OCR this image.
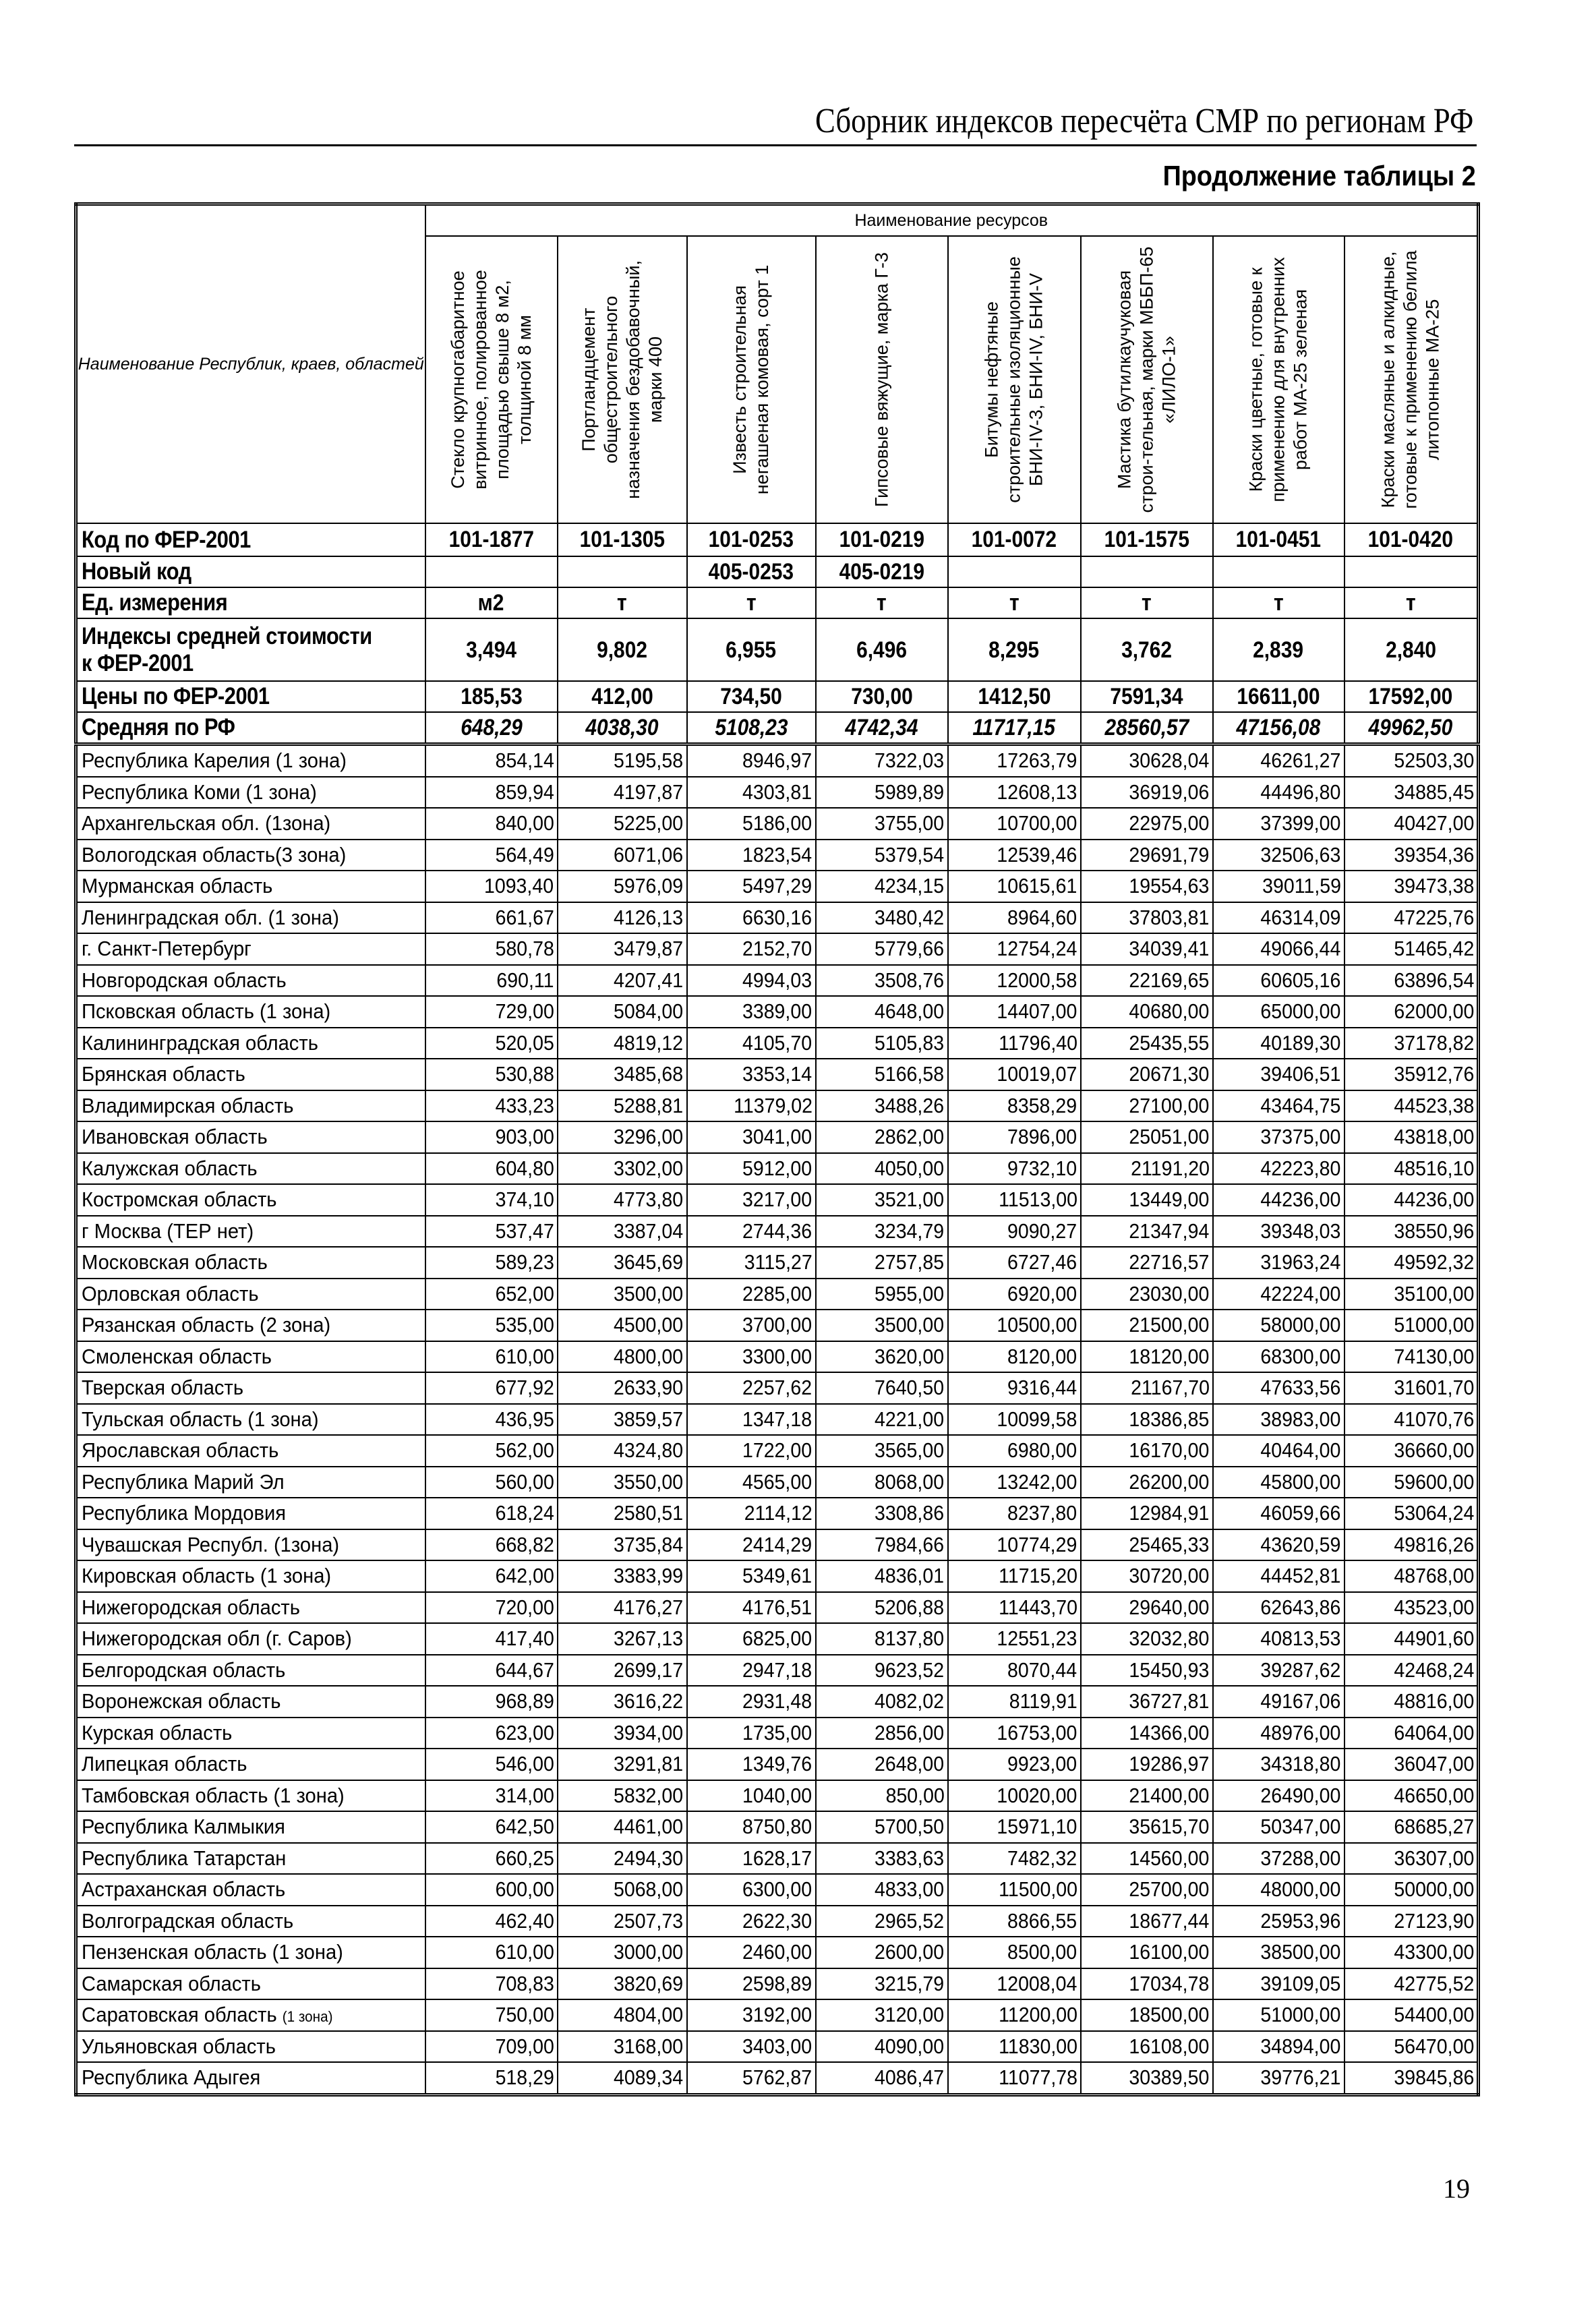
Сборник индексов пересчёта СМР по регионам РФ
Продолжение таблицы 2
Наименование Республик, краев, областей	Наименование ресурсов							

	Стекло крупногабаритное витринное, полированное площадью свыше 8 м2, толщиной 8 мм	Портландцемент общестроительного назначения бездобавочный, марки 400	Известь строительная негашеная комовая, сорт 1	Гипсовые вяжущие, марка Г-3	Битумы нефтяные строительные изоляционные БНИ-IV-3, БНИ-IV, БНИ-V	Мастика бутилкаучуковая строи-тельная, марки МББП-65 «ЛИЛО-1»	Краски цветные, готовые к применению для внутренних работ МА-25 зеленая	Краски масляные и алкидные, готовые к применению белила литопонные МА-25

Код по ФЕР-2001	101-1877	101-1305	101-0253	101-0219	101-0072	101-1575	101-0451	101-0420
Новый код			405-0253	405-0219				
Ед. измерения	м2	т	т	т	т	т	т	т
Индексы средней стоимости к ФЕР-2001	3,494	9,802	6,955	6,496	8,295	3,762	2,839	2,840
Цены по ФЕР-2001	185,53	412,00	734,50	730,00	1412,50	7591,34	16611,00	17592,00
Средняя по РФ	648,29	4038,30	5108,23	4742,34	11717,15	28560,57	47156,08	49962,50
Республика Карелия (1 зона)	854,14	5195,58	8946,97	7322,03	17263,79	30628,04	46261,27	52503,30
Республика Коми (1 зона)	859,94	4197,87	4303,81	5989,89	12608,13	36919,06	44496,80	34885,45
Архангельская обл. (1зона)	840,00	5225,00	5186,00	3755,00	10700,00	22975,00	37399,00	40427,00
Вологодская область(3 зона)	564,49	6071,06	1823,54	5379,54	12539,46	29691,79	32506,63	39354,36
Мурманская область	1093,40	5976,09	5497,29	4234,15	10615,61	19554,63	39011,59	39473,38
Ленинградская обл. (1 зона)	661,67	4126,13	6630,16	3480,42	8964,60	37803,81	46314,09	47225,76
г. Санкт-Петербург	580,78	3479,87	2152,70	5779,66	12754,24	34039,41	49066,44	51465,42
Новгородская область	690,11	4207,41	4994,03	3508,76	12000,58	22169,65	60605,16	63896,54
Псковская область (1 зона)	729,00	5084,00	3389,00	4648,00	14407,00	40680,00	65000,00	62000,00
Калининградская область	520,05	4819,12	4105,70	5105,83	11796,40	25435,55	40189,30	37178,82
Брянская область	530,88	3485,68	3353,14	5166,58	10019,07	20671,30	39406,51	35912,76
Владимирская область	433,23	5288,81	11379,02	3488,26	8358,29	27100,00	43464,75	44523,38
Ивановская область	903,00	3296,00	3041,00	2862,00	7896,00	25051,00	37375,00	43818,00
Калужская область	604,80	3302,00	5912,00	4050,00	9732,10	21191,20	42223,80	48516,10
Костромская область	374,10	4773,80	3217,00	3521,00	11513,00	13449,00	44236,00	44236,00
г Москва (ТЕР нет)	537,47	3387,04	2744,36	3234,79	9090,27	21347,94	39348,03	38550,96
Московская область	589,23	3645,69	3115,27	2757,85	6727,46	22716,57	31963,24	49592,32
Орловская область	652,00	3500,00	2285,00	5955,00	6920,00	23030,00	42224,00	35100,00
Рязанская область (2 зона)	535,00	4500,00	3700,00	3500,00	10500,00	21500,00	58000,00	51000,00
Смоленская область	610,00	4800,00	3300,00	3620,00	8120,00	18120,00	68300,00	74130,00
Тверская область	677,92	2633,90	2257,62	7640,50	9316,44	21167,70	47633,56	31601,70
Тульская область (1 зона)	436,95	3859,57	1347,18	4221,00	10099,58	18386,85	38983,00	41070,76
Ярославская область	562,00	4324,80	1722,00	3565,00	6980,00	16170,00	40464,00	36660,00
Республика Марий Эл	560,00	3550,00	4565,00	8068,00	13242,00	26200,00	45800,00	59600,00
Республика Мордовия	618,24	2580,51	2114,12	3308,86	8237,80	12984,91	46059,66	53064,24
Чувашская Республ. (1зона)	668,82	3735,84	2414,29	7984,66	10774,29	25465,33	43620,59	49816,26
Кировская область (1 зона)	642,00	3383,99	5349,61	4836,01	11715,20	30720,00	44452,81	48768,00
Нижегородская область	720,00	4176,27	4176,51	5206,88	11443,70	29640,00	62643,86	43523,00
Нижегородская обл (г. Саров)	417,40	3267,13	6825,00	8137,80	12551,23	32032,80	40813,53	44901,60
Белгородская область	644,67	2699,17	2947,18	9623,52	8070,44	15450,93	39287,62	42468,24
Воронежская область	968,89	3616,22	2931,48	4082,02	8119,91	36727,81	49167,06	48816,00
Курская область	623,00	3934,00	1735,00	2856,00	16753,00	14366,00	48976,00	64064,00
Липецкая область	546,00	3291,81	1349,76	2648,00	9923,00	19286,97	34318,80	36047,00
Тамбовская область (1 зона)	314,00	5832,00	1040,00	850,00	10020,00	21400,00	26490,00	46650,00
Республика Калмыкия	642,50	4461,00	8750,80	5700,50	15971,10	35615,70	50347,00	68685,27
Республика Татарстан	660,25	2494,30	1628,17	3383,63	7482,32	14560,00	37288,00	36307,00
Астраханская область	600,00	5068,00	6300,00	4833,00	11500,00	25700,00	48000,00	50000,00
Волгоградская область	462,40	2507,73	2622,30	2965,52	8866,55	18677,44	25953,96	27123,90
Пензенская область (1 зона)	610,00	3000,00	2460,00	2600,00	8500,00	16100,00	38500,00	43300,00
Самарская область	708,83	3820,69	2598,89	3215,79	12008,04	17034,78	39109,05	42775,52
Саратовская область (1 зона)	750,00	4804,00	3192,00	3120,00	11200,00	18500,00	51000,00	54400,00
Ульяновская область	709,00	3168,00	3403,00	4090,00	11830,00	16108,00	34894,00	56470,00
Республика Адыгея	518,29	4089,34	5762,87	4086,47	11077,78	30389,50	39776,21	39845,86
19
